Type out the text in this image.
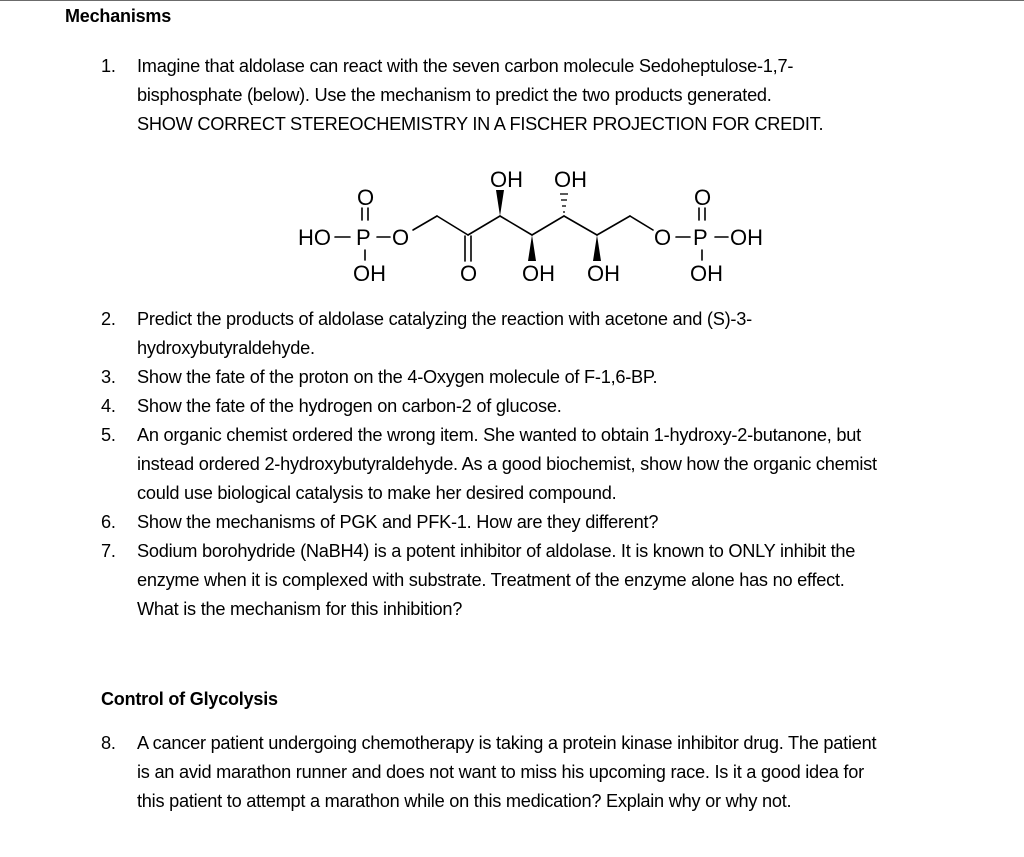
Mechanisms
1.	Imagine that aldolase can react with the seven carbon molecule Sedoheptulose-1,7-
bisphosphate (below). Use the mechanism to predict the two products generated.
SHOW CORRECT STEREOCHEMISTRY IN A FISCHER PROJECTION FOR CREDIT.
HO P
O
OH
O
O
OH
OH
OH
OH
O P
O
OH
OH
2.	Predict the products of aldolase catalyzing the reaction with acetone and (S)-3-
hydroxybutyraldehyde.
3.	Show the fate of the proton on the 4-Oxygen molecule of F-1,6-BP.
4.	Show the fate of the hydrogen on carbon-2 of glucose.
5.	An organic chemist ordered the wrong item. She wanted to obtain 1-hydroxy-2-butanone, but
instead ordered 2-hydroxybutyraldehyde. As a good biochemist, show how the organic chemist
could use biological catalysis to make her desired compound.
6.	Show the mechanisms of PGK and PFK-1. How are they different?
7.	Sodium borohydride (NaBH4) is a potent inhibitor of aldolase. It is known to ONLY inhibit the
enzyme when it is complexed with substrate. Treatment of the enzyme alone has no effect.
What is the mechanism for this inhibition?
Control of Glycolysis
8.	A cancer patient undergoing chemotherapy is taking a protein kinase inhibitor drug. The patient
is an avid marathon runner and does not want to miss his upcoming race. Is it a good idea for
this patient to attempt a marathon while on this medication? Explain why or why not.
